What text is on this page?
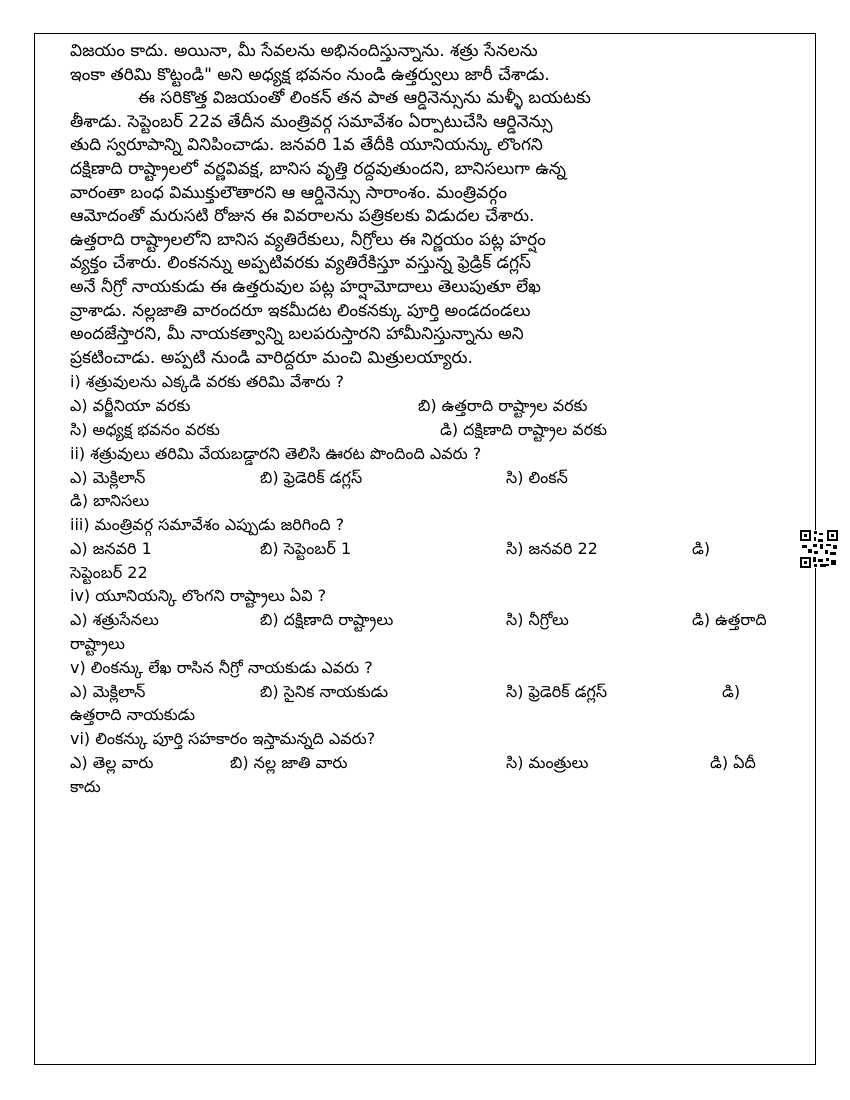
విజయం కాదు. అయినా, మీ సేవలను అభినందిస్తున్నాను. శత్రు సేనలను
ఇంకా తరిమి కొట్టండి" అని అధ్యక్ష భవనం నుండి ఉత్తర్వులు జారీ చేశాడు.
ఈ సరికొత్త విజయంతో లింకన్ తన పాత ఆర్డినెన్సును మళ్ళీ బయటకు
తీశాడు. సెప్టెంబర్ 22వ తేదీన మంత్రివర్గ సమావేశం ఏర్పాటుచేసి ఆర్డినెన్సు
తుది స్వరూపాన్ని వినిపించాడు. జనవరి 1వ తేదీకి యూనియన్కు లొంగని
దక్షిణాది రాష్ట్రాలలో వర్ణవివక్ష, బానిస వృత్తి రద్దవుతుందని, బానిసలుగా ఉన్న
వారంతా బంధ విముక్తులౌతారని ఆ ఆర్డినెన్సు సారాంశం. మంత్రివర్గం
ఆమోదంతో మరుసటి రోజున ఈ వివరాలను పత్రికలకు విడుదల చేశారు.
ఉత్తరాది రాష్ట్రాలలోని బానిస వ్యతిరేకులు, నీగ్రోలు ఈ నిర్ణయం పట్ల హర్షం
వ్యక్తం చేశారు. లింకనన్ను అప్పటివరకు వ్యతిరేకిస్తూ వస్తున్న ఫ్రెడ్రిక్ డగ్లస్
అనే నీగ్రో నాయకుడు ఈ ఉత్తరువుల పట్ల హర్షామోదాలు తెలుపుతూ లేఖ
వ్రాశాడు. నల్లజాతి వారందరూ ఇకమీదట లింకనక్కు పూర్తి అండదండలు
అందజేస్తారని, మీ నాయకత్వాన్ని బలపరుస్తారని హామీనిస్తున్నాను అని
ప్రకటించాడు. అప్పటి నుండి వారిద్దరూ మంచి మిత్రులయ్యారు.
i) శత్రువులను ఎక్కడి వరకు తరిమి వేశారు ?
ఎ) వర్జీనియా వరకు	బి) ఉత్తరాది రాష్ట్రాల వరకు

సి) అధ్యక్ష భవనం వరకు	డి) దక్షిణాది రాష్ట్రాల వరకు

ii) శత్రువులు తరిమి వేయబడ్డారని తెలిసి ఊరట పొందింది ఎవరు ?
ఎ) మెక్లిలాన్	బి) ఫ్రెడెరిక్ డగ్లస్	సి) లింకన్

డి) బానిసలు

iii) మంత్రివర్గ సమావేశం ఎప్పుడు జరిగింది ?
ఎ) జనవరి 1	బి) సెప్టెంబర్ 1	సి) జనవరి 22	డి)

సెప్టెంబర్ 22

iv) యూనియన్కి లొంగని రాష్ట్రాలు ఏవి ?
ఎ) శత్రుసేనలు	బి) దక్షిణాది రాష్ట్రాలు	సి) నీగ్రోలు	డి) ఉత్తరాది

రాష్ట్రాలు

v) లింకన్కు లేఖ రాసిన నీగ్రో నాయకుడు ఎవరు ?
ఎ) మెక్లిలాన్	బి) సైనిక నాయకుడు	సి) ఫ్రెడెరిక్ డగ్లస్	డి)

ఉత్తరాది నాయకుడు

vi) లింకన్కు పూర్తి సహకారం ఇస్తామన్నది ఎవరు?
ఎ) తెల్ల వారు	బి) నల్ల జాతి వారు	సి) మంత్రులు	డి) ఏదీ

కాదు
